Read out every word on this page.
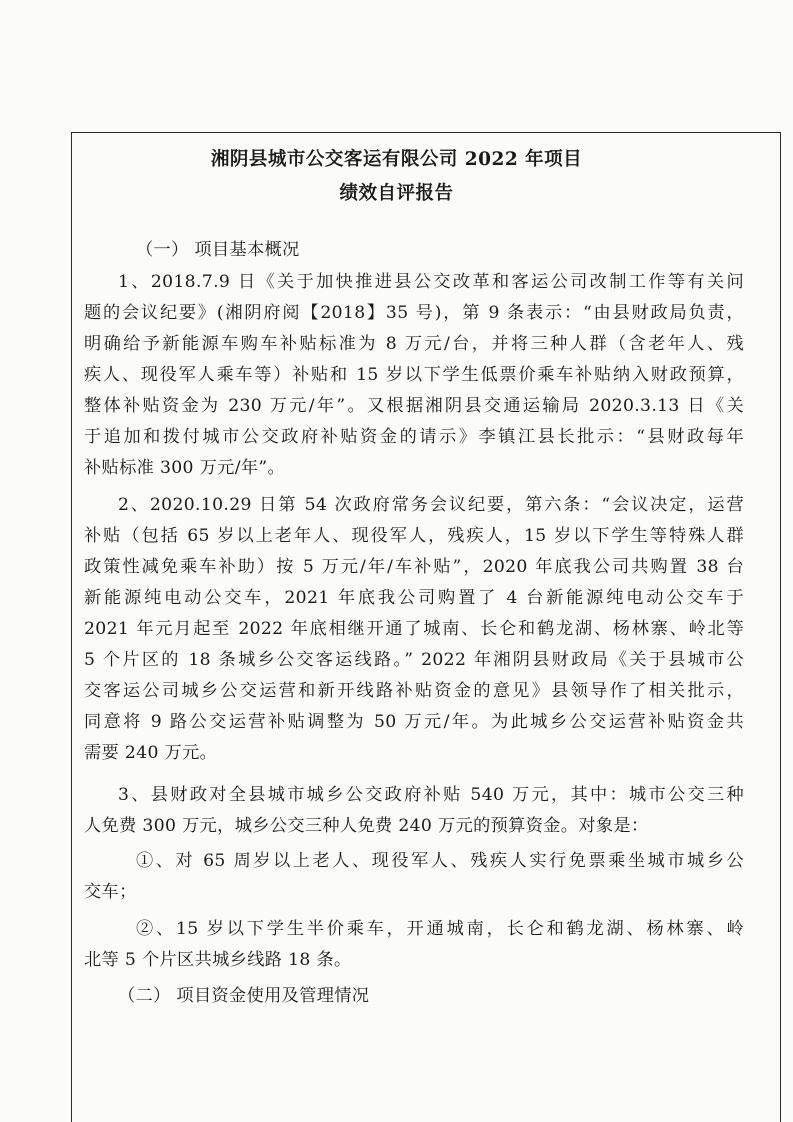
湘阴县城市公交客运有限公司 2022 年项目
绩效自评报告
（一） 项目基本概况
1、2018.7.9 日《关于加快推进县公交改革和客运公司改制工作等有关问
题的会议纪要》(湘阴府阅【2018】35 号)，第 9 条表示：“由县财政局负责，
明确给予新能源车购车补贴标准为 8 万元/台，并将三种人群（含老年人、残
疾人、现役军人乘车等）补贴和 15 岁以下学生低票价乘车补贴纳入财政预算，
整体补贴资金为 230 万元/年”。又根据湘阴县交通运输局 2020.3.13 日《关
于追加和拨付城市公交政府补贴资金的请示》李镇江县长批示：“县财政每年
补贴标准 300 万元/年”。
2、2020.10.29 日第 54 次政府常务会议纪要，第六条：“会议决定，运营
补贴（包括 65 岁以上老年人、现役军人，残疾人，15 岁以下学生等特殊人群
政策性减免乘车补助）按 5 万元/年/车补贴”，2020 年底我公司共购置 38 台
新能源纯电动公交车，2021 年底我公司购置了 4 台新能源纯电动公交车于
2021 年元月起至 2022 年底相继开通了城南、长仑和鹤龙湖、杨林寨、岭北等
5 个片区的 18 条城乡公交客运线路。” 2022 年湘阴县财政局《关于县城市公
交客运公司城乡公交运营和新开线路补贴资金的意见》县领导作了相关批示，
同意将 9 路公交运营补贴调整为 50 万元/年。为此城乡公交运营补贴资金共
需要 240 万元。
3、县财政对全县城市城乡公交政府补贴 540 万元，其中：城市公交三种
人免费 300 万元，城乡公交三种人免费 240 万元的预算资金。对象是：
①、对 65 周岁以上老人、现役军人、残疾人实行免票乘坐城市城乡公
交车；
②、15 岁以下学生半价乘车，开通城南，长仑和鹤龙湖、杨林寨、岭
北等 5 个片区共城乡线路 18 条。
（二） 项目资金使用及管理情况
